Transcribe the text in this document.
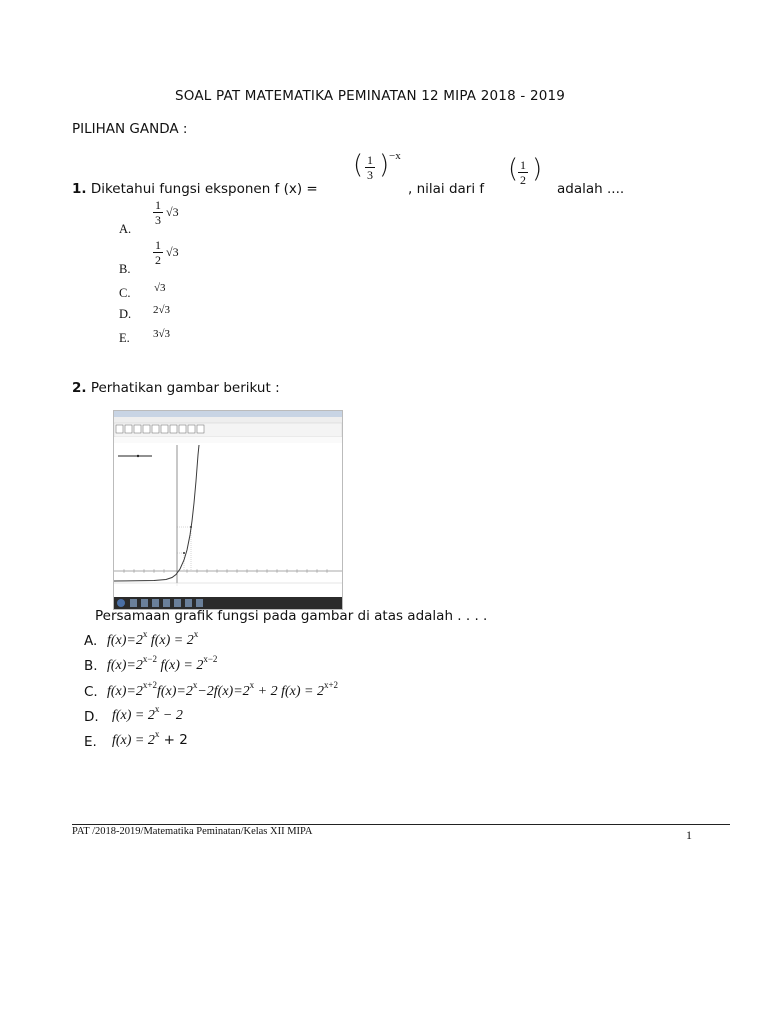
SOAL PAT MATEMATIKA PEMINATAN 12 MIPA 2018 - 2019
PILIHAN GANDA :
1. Diketahui fungsi eksponen f (x) =
( $\frac{1}{3}$ ) −x
, nilai dari f
( $\frac{1}{2}$ )
adalah ....
A.
$\frac{1}{3} √3$
B.
$\frac{1}{2} √3$
C. √3
D. 2√3
E. 3√3
2. Perhatikan gambar berikut :
Persamaan grafik fungsi pada gambar di atas adalah . . . .
A. $f(x)=2^x$ $f(x) = 2^x$
B. $f(x)=2^{x-2}$ $f(x) = 2^{x-2}$
C. $f(x)=2^{x+2}f(x)=2^x-2f(x)=2^x + 2$ $f(x) = 2^{x+2}$
D. $f(x) = 2^x - 2$
E. $f(x) = 2^x + 2$
PAT /2018-2019/Matematika Peminatan/Kelas XII MIPA	1
